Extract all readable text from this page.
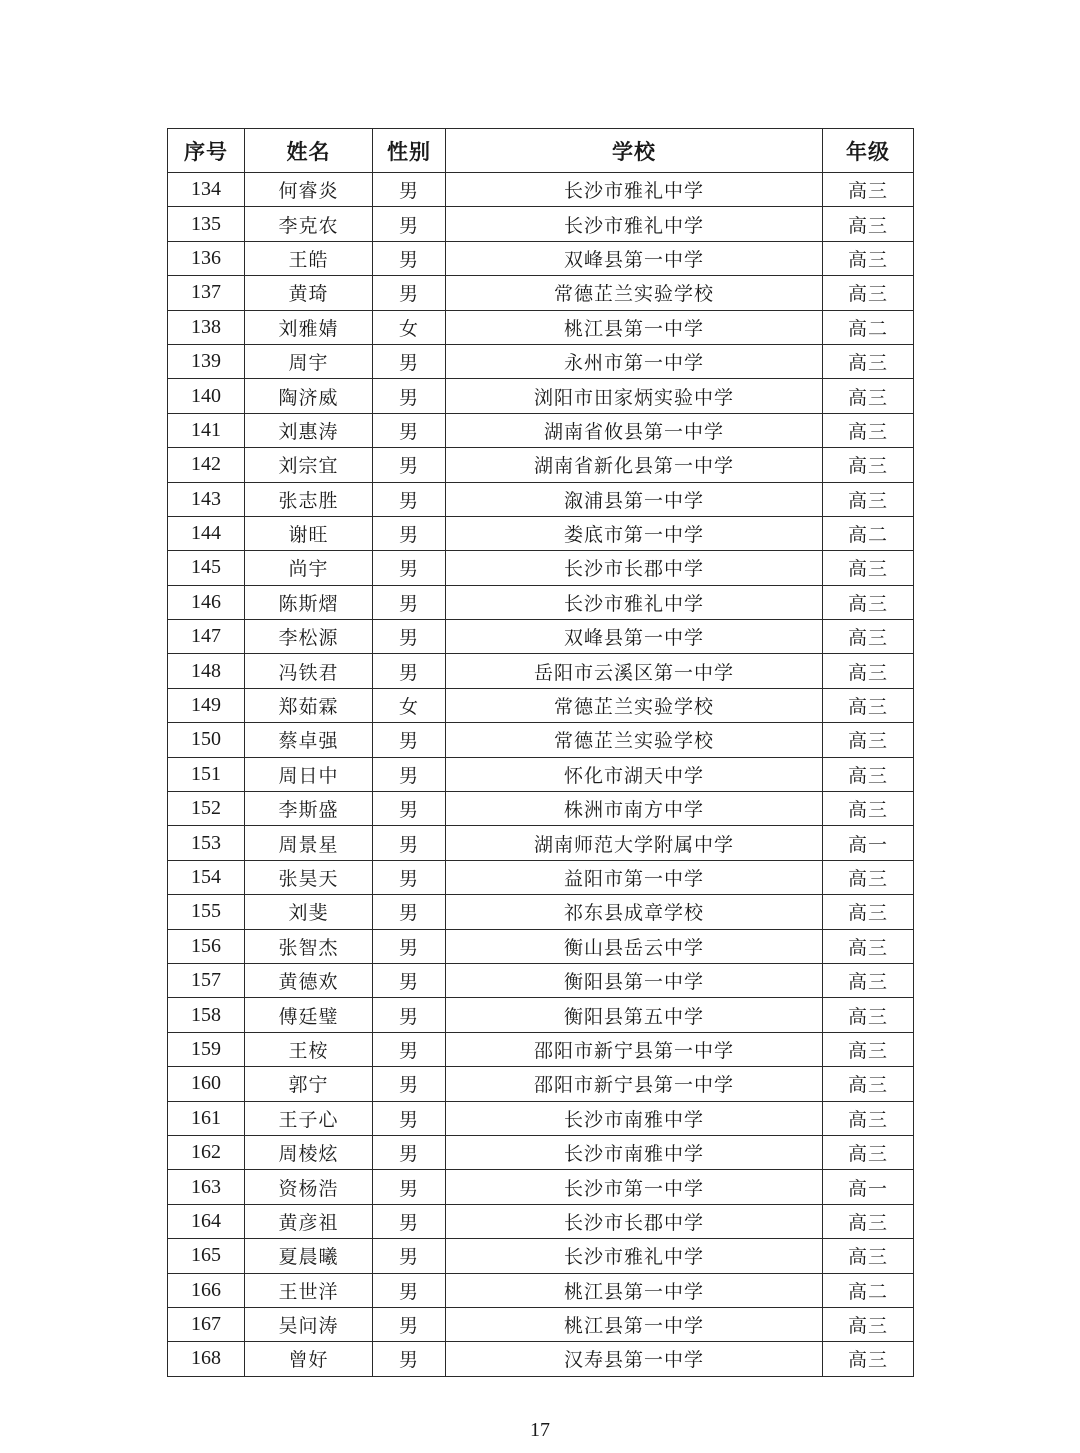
序号	姓名	性别	学校	年级
134	何睿炎	男	长沙市雅礼中学	高三
135	李克农	男	长沙市雅礼中学	高三
136	王皓	男	双峰县第一中学	高三
137	黄琦	男	常德芷兰实验学校	高三
138	刘雅婧	女	桃江县第一中学	高二
139	周宇	男	永州市第一中学	高三
140	陶济威	男	浏阳市田家炳实验中学	高三
141	刘惠涛	男	湖南省攸县第一中学	高三
142	刘宗宜	男	湖南省新化县第一中学	高三
143	张志胜	男	溆浦县第一中学	高三
144	谢旺	男	娄底市第一中学	高二
145	尚宇	男	长沙市长郡中学	高三
146	陈斯熠	男	长沙市雅礼中学	高三
147	李松源	男	双峰县第一中学	高三
148	冯铁君	男	岳阳市云溪区第一中学	高三
149	郑茹霖	女	常德芷兰实验学校	高三
150	蔡卓强	男	常德芷兰实验学校	高三
151	周日中	男	怀化市湖天中学	高三
152	李斯盛	男	株洲市南方中学	高三
153	周景星	男	湖南师范大学附属中学	高一
154	张昊天	男	益阳市第一中学	高三
155	刘斐	男	祁东县成章学校	高三
156	张智杰	男	衡山县岳云中学	高三
157	黄德欢	男	衡阳县第一中学	高三
158	傅廷璧	男	衡阳县第五中学	高三
159	王桉	男	邵阳市新宁县第一中学	高三
160	郭宁	男	邵阳市新宁县第一中学	高三
161	王子心	男	长沙市南雅中学	高三
162	周棱炫	男	长沙市南雅中学	高三
163	资杨浩	男	长沙市第一中学	高一
164	黄彦祖	男	长沙市长郡中学	高三
165	夏晨曦	男	长沙市雅礼中学	高三
166	王世洋	男	桃江县第一中学	高二
167	吴问涛	男	桃江县第一中学	高三
168	曾好	男	汉寿县第一中学	高三
17
